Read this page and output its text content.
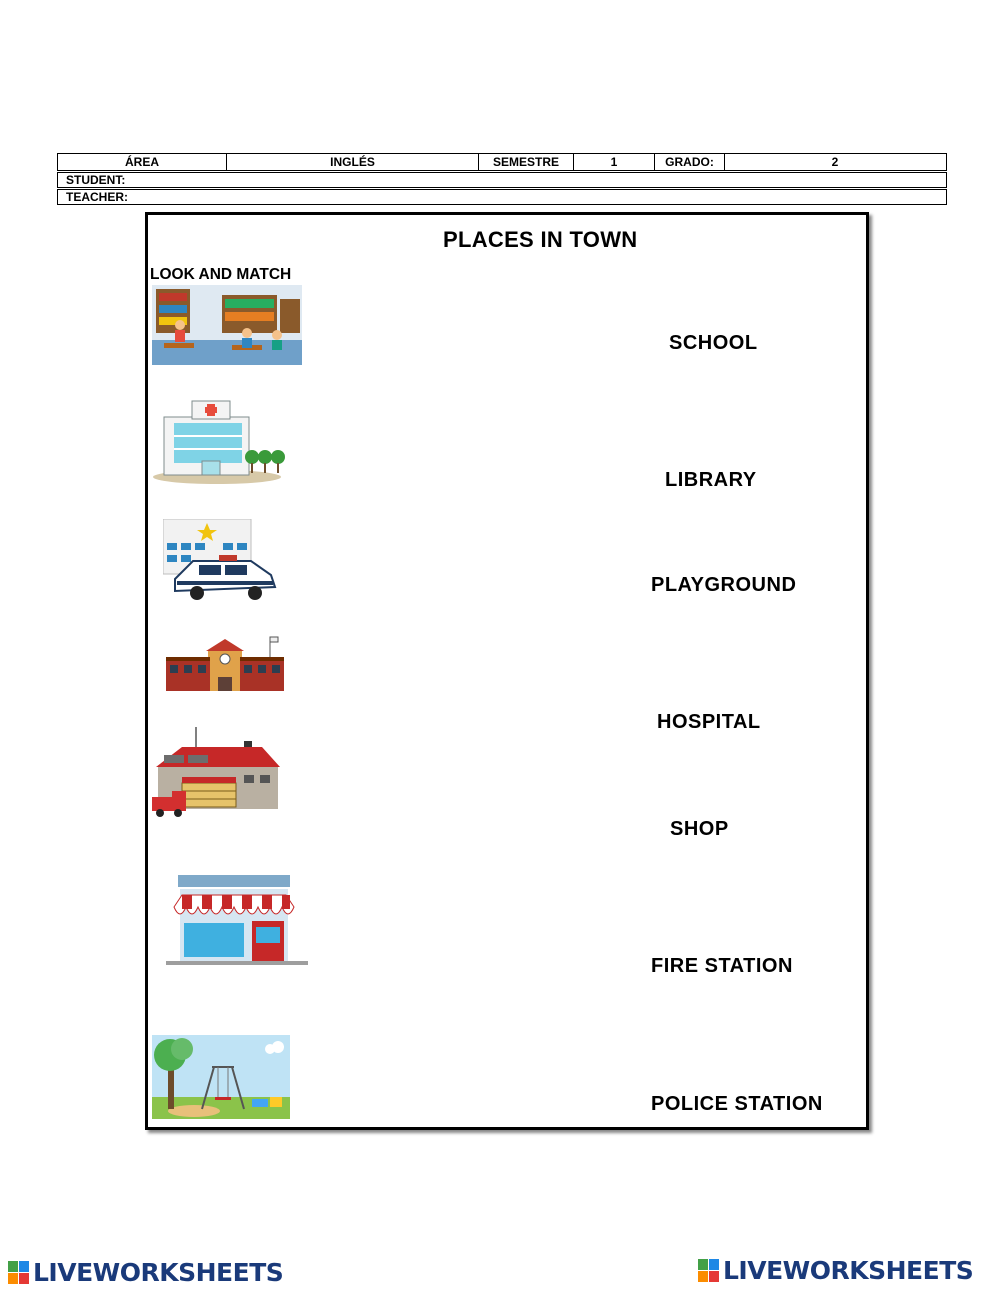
ÁREA	INGLÉS	SEMESTRE	1	GRADO:	2
STUDENT:
TEACHER:
PLACES IN TOWN
LOOK AND MATCH
SCHOOL
LIBRARY
PLAYGROUND
HOSPITAL
SHOP
FIRE STATION
POLICE STATION
LIVEWORKSHEETS	LIVEWORKSHEETS
